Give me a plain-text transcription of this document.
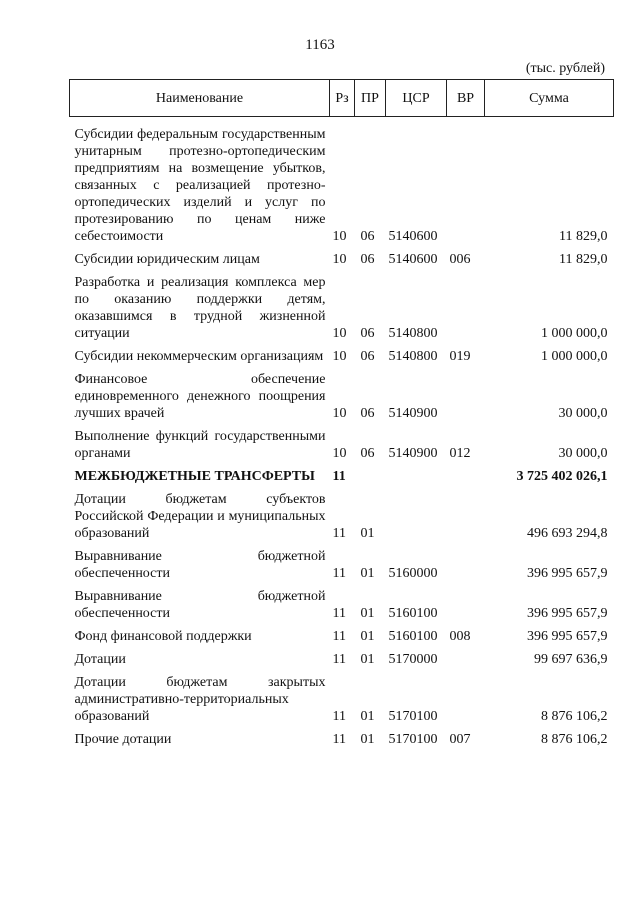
1163
(тыс. рублей)
Наименование	Рз	ПР	ЦСР	ВР	Сумма

Субсидии федеральным государственным унитарным протезно-ортопедическим предприятиям на возмещение убытков, связанных с реализацией протезно-ортопедических изделий и услуг по протезированию по ценам ниже себестоимости	10	06	5140600		11 829,0
Субсидии юридическим лицам	10	06	5140600	006	11 829,0
Разработка и реализация комплекса мер по оказанию поддержки детям, оказавшимся в трудной жизненной ситуации	10	06	5140800		1 000 000,0
Субсидии некоммерческим организациям	10	06	5140800	019	1 000 000,0
Финансовое обеспечение единовременного денежного поощрения лучших врачей	10	06	5140900		30 000,0
Выполнение функций государственными органами	10	06	5140900	012	30 000,0
МЕЖБЮДЖЕТНЫЕ ТРАНСФЕРТЫ	11				3 725 402 026,1
Дотации бюджетам субъектов Российской Федерации и муниципальных образований	11	01			496 693 294,8
Выравнивание бюджетной обеспеченности	11	01	5160000		396 995 657,9
Выравнивание бюджетной обеспеченности	11	01	5160100		396 995 657,9
Фонд финансовой поддержки	11	01	5160100	008	396 995 657,9
Дотации	11	01	5170000		99 697 636,9
Дотации бюджетам закрытых административно-территориальных образований	11	01	5170100		8 876 106,2
Прочие дотации	11	01	5170100	007	8 876 106,2
